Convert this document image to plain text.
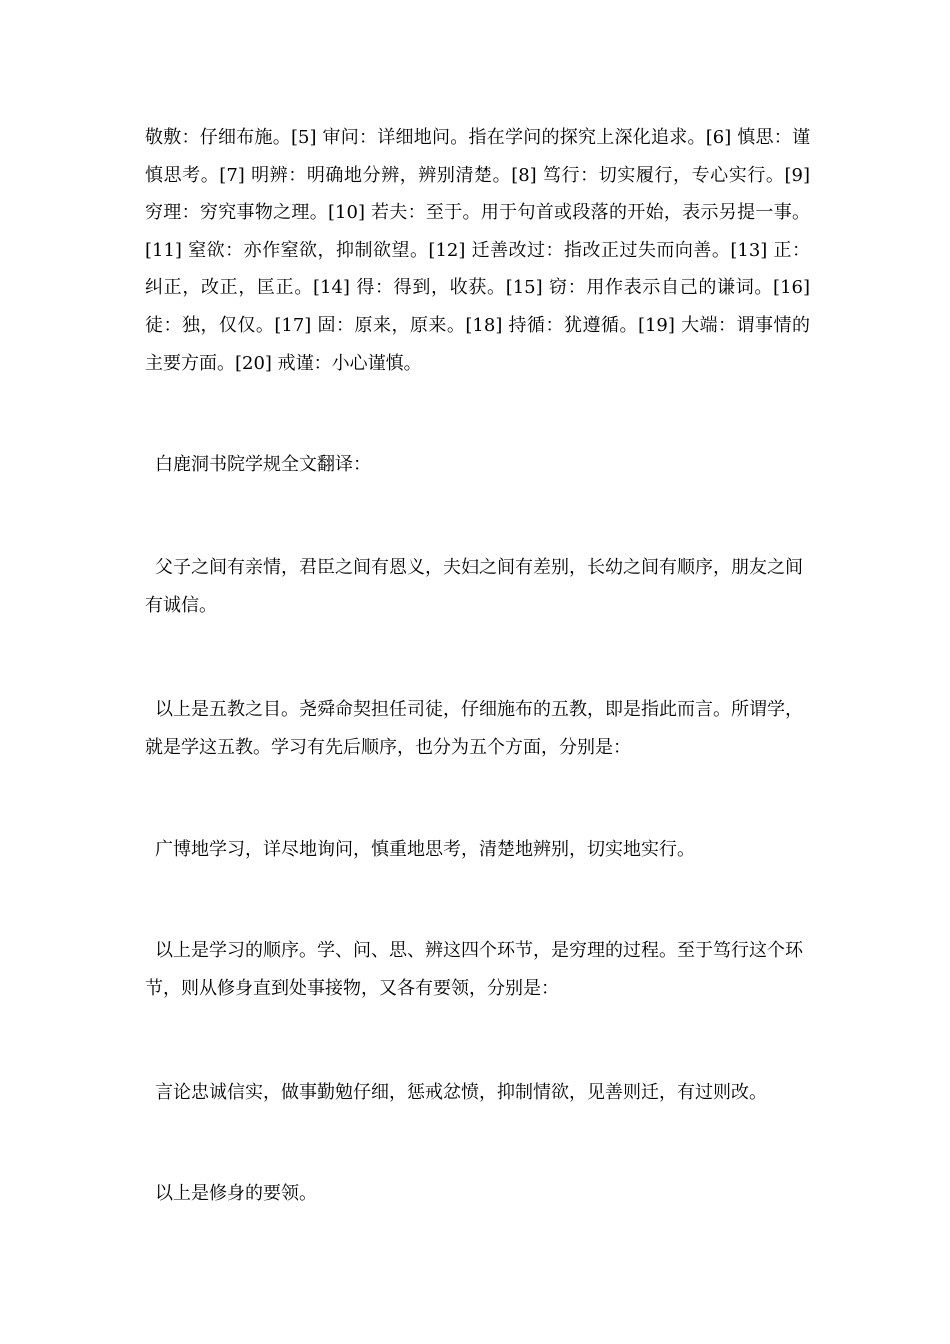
敬敷：仔细布施。[5] 审问：详细地问。指在学问的探究上深化追求。[6] 慎思：谨慎思考。[7] 明辨：明确地分辨，辨别清楚。[8] 笃行：切实履行，专心实行。[9] 穷理：穷究事物之理。[10] 若夫：至于。用于句首或段落的开始，表示另提一事。[11] 窒欲：亦作窒欲，抑制欲望。[12] 迁善改过：指改正过失而向善。[13] 正：纠正，改正，匡正。[14] 得：得到，收获。[15] 窃：用作表示自己的谦词。[16] 徒：独，仅仅。[17] 固：原来，原来。[18] 持循：犹遵循。[19] 大端：谓事情的主要方面。[20] 戒谨：小心谨慎。
白鹿洞书院学规全文翻译：
父子之间有亲情，君臣之间有恩义，夫妇之间有差别，长幼之间有顺序，朋友之间有诚信。
以上是五教之目。尧舜命契担任司徒，仔细施布的五教，即是指此而言。所谓学，就是学这五教。学习有先后顺序，也分为五个方面，分别是：
广博地学习，详尽地询问，慎重地思考，清楚地辨别，切实地实行。
以上是学习的顺序。学、问、思、辨这四个环节，是穷理的过程。至于笃行这个环节，则从修身直到处事接物，又各有要领，分别是：
言论忠诚信实，做事勤勉仔细，惩戒忿愤，抑制情欲，见善则迁，有过则改。
以上是修身的要领。
